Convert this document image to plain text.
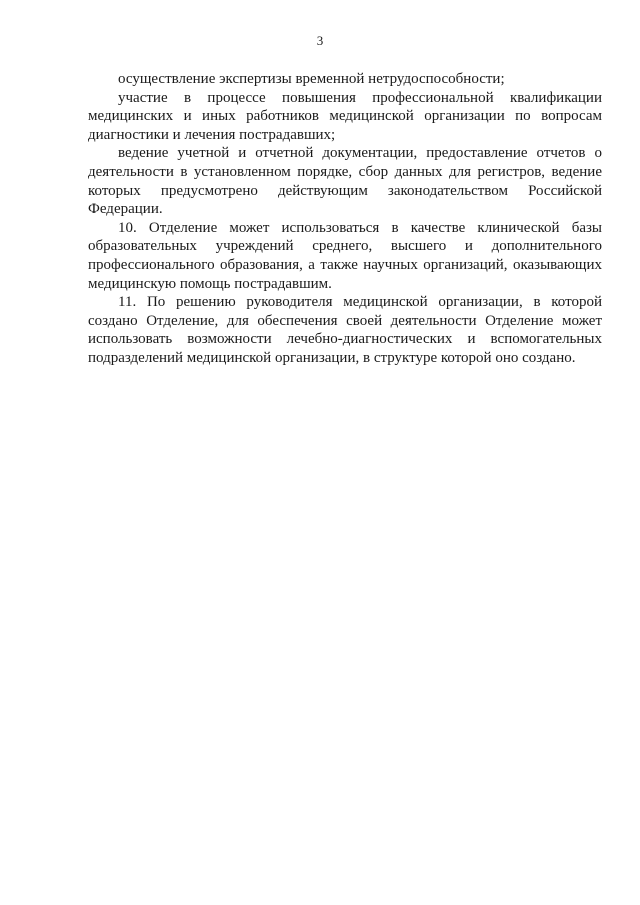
3

осуществление экспертизы временной нетрудоспособности;

участие в процессе повышения профессиональной квалификации медицинских и иных работников медицинской организации по вопросам диагностики и лечения пострадавших;

ведение учетной и отчетной документации, предоставление отчетов о деятельности в установленном порядке, сбор данных для регистров, ведение которых предусмотрено действующим законодательством Российской Федерации.

10. Отделение может использоваться в качестве клинической базы образовательных учреждений среднего, высшего и дополнительного профессионального образования, а также научных организаций, оказывающих медицинскую помощь пострадавшим.

11. По решению руководителя медицинской организации, в которой создано Отделение, для обеспечения своей деятельности Отделение может использовать возможности лечебно-диагностических и вспомогательных подразделений медицинской организации, в структуре которой оно создано.
